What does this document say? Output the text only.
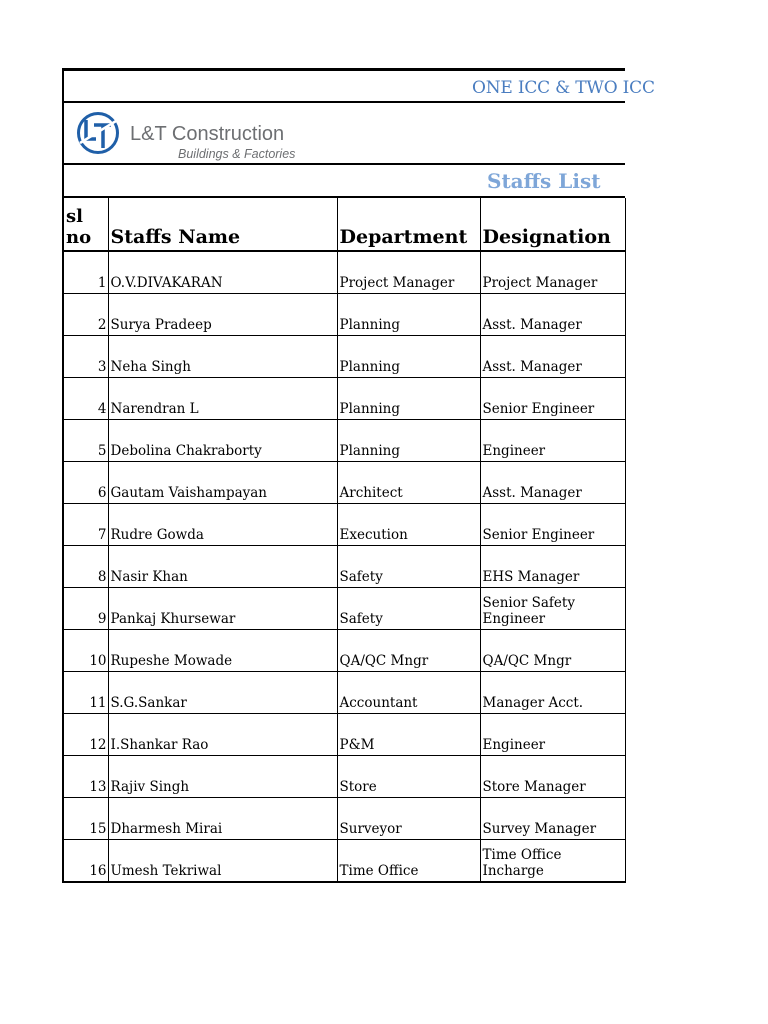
ONE ICC & TWO ICC
L&T Construction
Buildings & Factories
Staffs List
sl no	Staffs Name	Department	Designation
1	O.V.DIVAKARAN	Project Manager	Project Manager
2	Surya Pradeep	Planning	Asst. Manager
3	Neha Singh	Planning	Asst. Manager
4	Narendran L	Planning	Senior Engineer
5	Debolina Chakraborty	Planning	Engineer
6	Gautam Vaishampayan	Architect	Asst. Manager
7	Rudre Gowda	Execution	Senior Engineer
8	Nasir Khan	Safety	EHS Manager
9	Pankaj Khursewar	Safety	Senior Safety Engineer
10	Rupeshe Mowade	QA/QC Mngr	QA/QC Mngr
11	S.G.Sankar	Accountant	Manager Acct.
12	I.Shankar Rao	P&M	Engineer
13	Rajiv Singh	Store	Store Manager
15	Dharmesh Mirai	Surveyor	Survey Manager
16	Umesh Tekriwal	Time Office	Time Office Incharge
